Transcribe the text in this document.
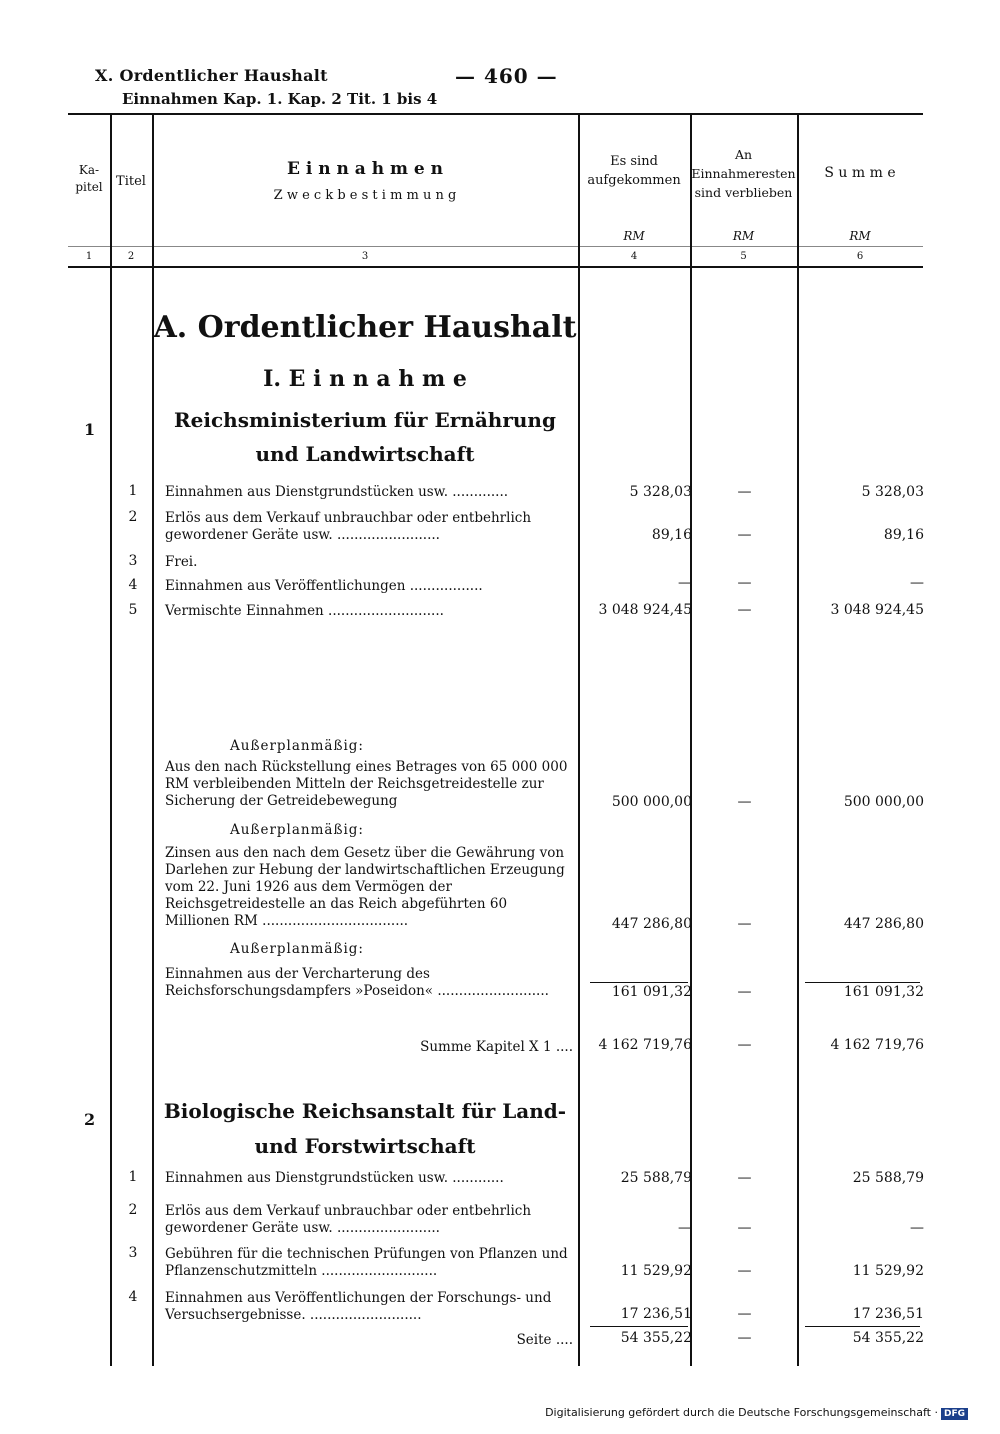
X. Ordentlicher Haushalt	— 460 —
Einnahmen Kap. 1. Kap. 2 Tit. 1 bis 4
Ka-
pitel	Titel
E i n n a h m e n
Z w e c k b e s t i m m u n g
Es sind
aufgekommen
An
Einnahmeresten
sind verblieben
S u m m e
RM	RM	RM
1	2	3	4	5	6
A. Ordentlicher Haushalt
I. E i n n a h m e
1	Reichsministerium für Ernährung
und Landwirtschaft
1	Einnahmen aus Dienstgrundstücken usw. .............	5 328,03	—	5 328,03
2	Erlös aus dem Verkauf unbrauchbar oder entbehrlich gewordener Geräte usw. ........................	89,16	—	89,16
3	Frei.
4	Einnahmen aus Veröffentlichungen .................	—	—	—
5	Vermischte Einnahmen ...........................	3 048 924,45	—	3 048 924,45
Außerplanmäßig:
Aus den nach Rückstellung eines Betrages von 65 000 000 RM verbleibenden Mitteln der Reichsgetreidestelle zur Sicherung der Getreidebewegung	500 000,00	—	500 000,00
Außerplanmäßig:
Zinsen aus den nach dem Gesetz über die Gewährung von Darlehen zur Hebung der landwirtschaftlichen Erzeugung vom 22. Juni 1926 aus dem Vermögen der Reichsgetreidestelle an das Reich abgeführten 60 Millionen RM ..................................	447 286,80	—	447 286,80
Außerplanmäßig:
Einnahmen aus der Vercharterung des Reichsforschungsdampfers »Poseidon« ..........................	161 091,32	—	161 091,32
Summe Kapitel X 1 ....	4 162 719,76	—	4 162 719,76
2	Biologische Reichsanstalt für Land-
und Forstwirtschaft
1	Einnahmen aus Dienstgrundstücken usw. ............	25 588,79	—	25 588,79
2	Erlös aus dem Verkauf unbrauchbar oder entbehrlich gewordener Geräte usw. ........................	—	—	—
3	Gebühren für die technischen Prüfungen von Pflanzen und Pflanzenschutzmitteln ...........................	11 529,92	—	11 529,92
4	Einnahmen aus Veröffentlichungen der Forschungs- und Versuchsergebnisse. ..........................	17 236,51	—	17 236,51
Seite ....	54 355,22	—	54 355,22
Digitalisierung gefördert durch die Deutsche Forschungsgemeinschaft · DFG
